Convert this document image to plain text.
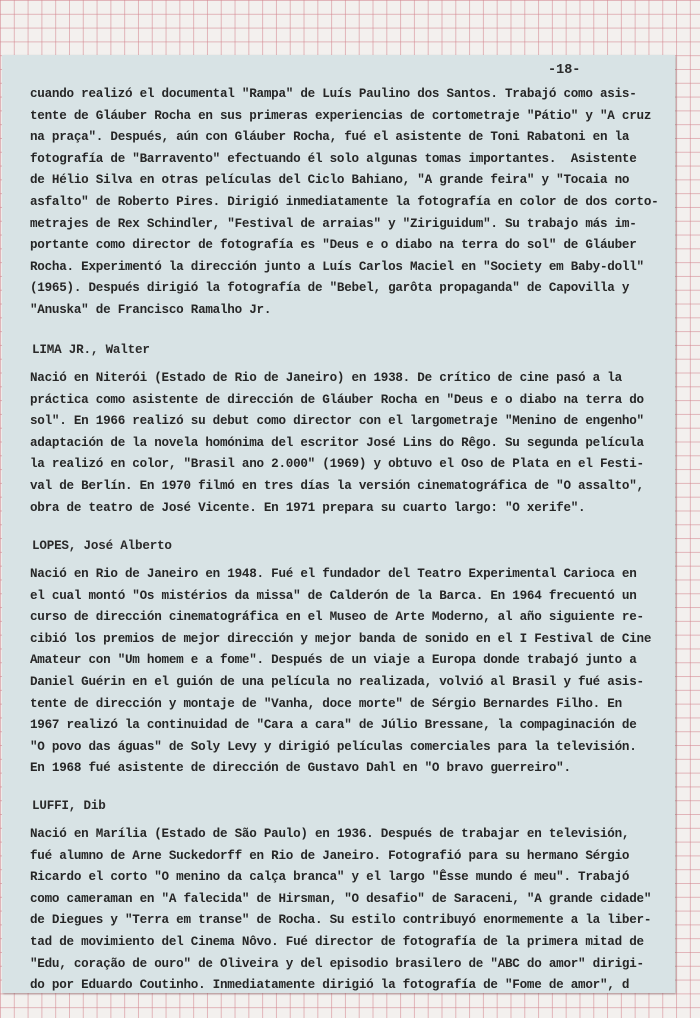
-18-
cuando realizó el documental "Rampa" de Luís Paulino dos Santos. Trabajó como asis-
tente de Gláuber Rocha en sus primeras experiencias de cortometraje "Pátio" y "A cruz
na praça". Después, aún con Gláuber Rocha, fué el asistente de Toni Rabatoni en la
fotografía de "Barravento" efectuando él solo algunas tomas importantes.  Asistente
de Hélio Silva en otras películas del Ciclo Bahiano, "A grande feira" y "Tocaia no
asfalto" de Roberto Pires. Dirigió inmediatamente la fotografía en color de dos corto-
metrajes de Rex Schindler, "Festival de arraias" y "Ziriguidum". Su trabajo más im-
portante como director de fotografía es "Deus e o diabo na terra do sol" de Gláuber
Rocha. Experimentó la dirección junto a Luís Carlos Maciel en "Society em Baby-doll"
(1965). Después dirigió la fotografía de "Bebel, garôta propaganda" de Capovilla y
"Anuska" de Francisco Ramalho Jr.
LIMA JR., Walter
Nació en Niterói (Estado de Rio de Janeiro) en 1938. De crítico de cine pasó a la
práctica como asistente de dirección de Gláuber Rocha en "Deus e o diabo na terra do
sol". En 1966 realizó su debut como director con el largometraje "Menino de engenho"
adaptación de la novela homónima del escritor José Lins do Rêgo. Su segunda película
la realizó en color, "Brasil ano 2.000" (1969) y obtuvo el Oso de Plata en el Festi-
val de Berlín. En 1970 filmó en tres días la versión cinematográfica de "O assalto",
obra de teatro de José Vicente. En 1971 prepara su cuarto largo: "O xerife".
LOPES, José Alberto
Nació en Rio de Janeiro en 1948. Fué el fundador del Teatro Experimental Carioca en
el cual montó "Os mistérios da missa" de Calderón de la Barca. En 1964 frecuentó un
curso de dirección cinematográfica en el Museo de Arte Moderno, al año siguiente re-
cibió los premios de mejor dirección y mejor banda de sonido en el I Festival de Cine
Amateur con "Um homem e a fome". Después de un viaje a Europa donde trabajó junto a
Daniel Guérin en el guión de una película no realizada, volvió al Brasil y fué asis-
tente de dirección y montaje de "Vanha, doce morte" de Sérgio Bernardes Filho. En
1967 realizó la continuidad de "Cara a cara" de Júlio Bressane, la compaginación de
"O povo das águas" de Soly Levy y dirigió películas comerciales para la televisión.
En 1968 fué asistente de dirección de Gustavo Dahl en "O bravo guerreiro".
LUFFI, Dib
Nació en Marília (Estado de São Paulo) en 1936. Después de trabajar en televisión,
fué alumno de Arne Suckedorff en Rio de Janeiro. Fotografió para su hermano Sérgio
Ricardo el corto "O menino da calça branca" y el largo "Êsse mundo é meu". Trabajó
como cameraman en "A falecida" de Hirsman, "O desafio" de Saraceni, "A grande cidade"
de Diegues y "Terra em transe" de Rocha. Su estilo contribuyó enormemente a la liber-
tad de movimiento del Cinema Nôvo. Fué director de fotografía de la primera mitad de
"Edu, coração de ouro" de Oliveira y del episodio brasilero de "ABC do amor" dirigi-
do por Eduardo Coutinho. Inmediatamente dirigió la fotografía de "Fome de amor", d
